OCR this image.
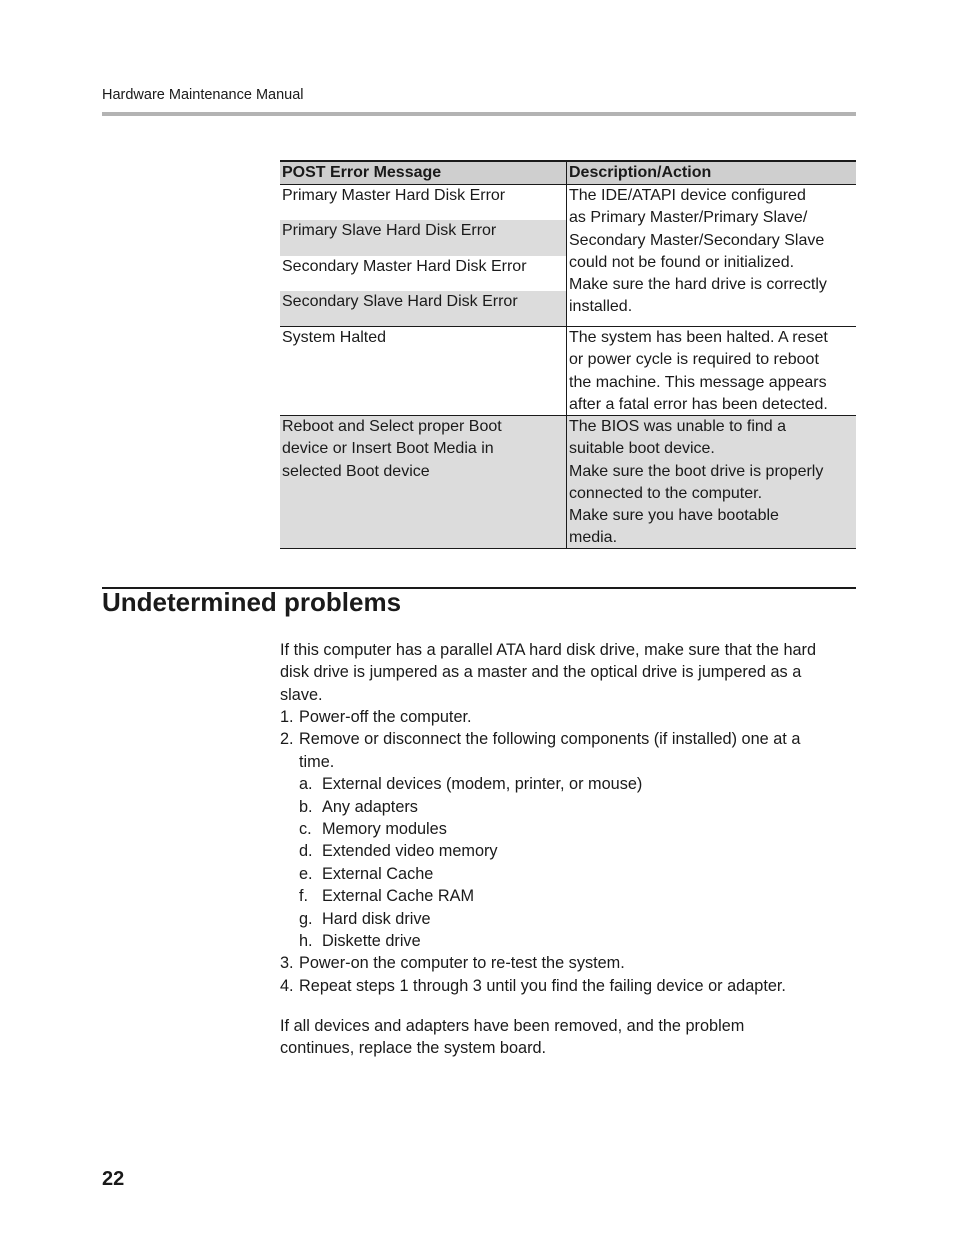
Hardware Maintenance Manual
POST Error Message	Description/Action
Primary Master Hard Disk Error
Primary Slave Hard Disk Error
Secondary Master Hard Disk Error
Secondary Slave Hard Disk Error
The IDE/ATAPI device configured
as Primary Master/Primary Slave/
Secondary Master/Secondary Slave
could not be found or initialized.
Make sure the hard drive is correctly
installed.
System Halted	The system has been halted. A reset
or power cycle is required to reboot
the machine. This message appears
after a fatal error has been detected.
Reboot and Select proper Boot
device or Insert Boot Media in
selected Boot device
The BIOS was unable to find a
suitable boot device.
Make sure the boot drive is properly
connected to the computer.
Make sure you have bootable
media.
Undetermined problems
If this computer has a parallel ATA hard disk drive, make sure that the hard
disk drive is jumpered as a master and the optical drive is jumpered as a
slave.
1. Power-off the computer.
2. Remove or disconnect the following components (if installed) one at a
time.
a. External devices (modem, printer, or mouse)
b. Any adapters
c. Memory modules
d. Extended video memory
e. External Cache
f. External Cache RAM
g. Hard disk drive
h. Diskette drive
3. Power-on the computer to re-test the system.
4. Repeat steps 1 through 3 until you find the failing device or adapter.
If all devices and adapters have been removed, and the problem
continues, replace the system board.
22
